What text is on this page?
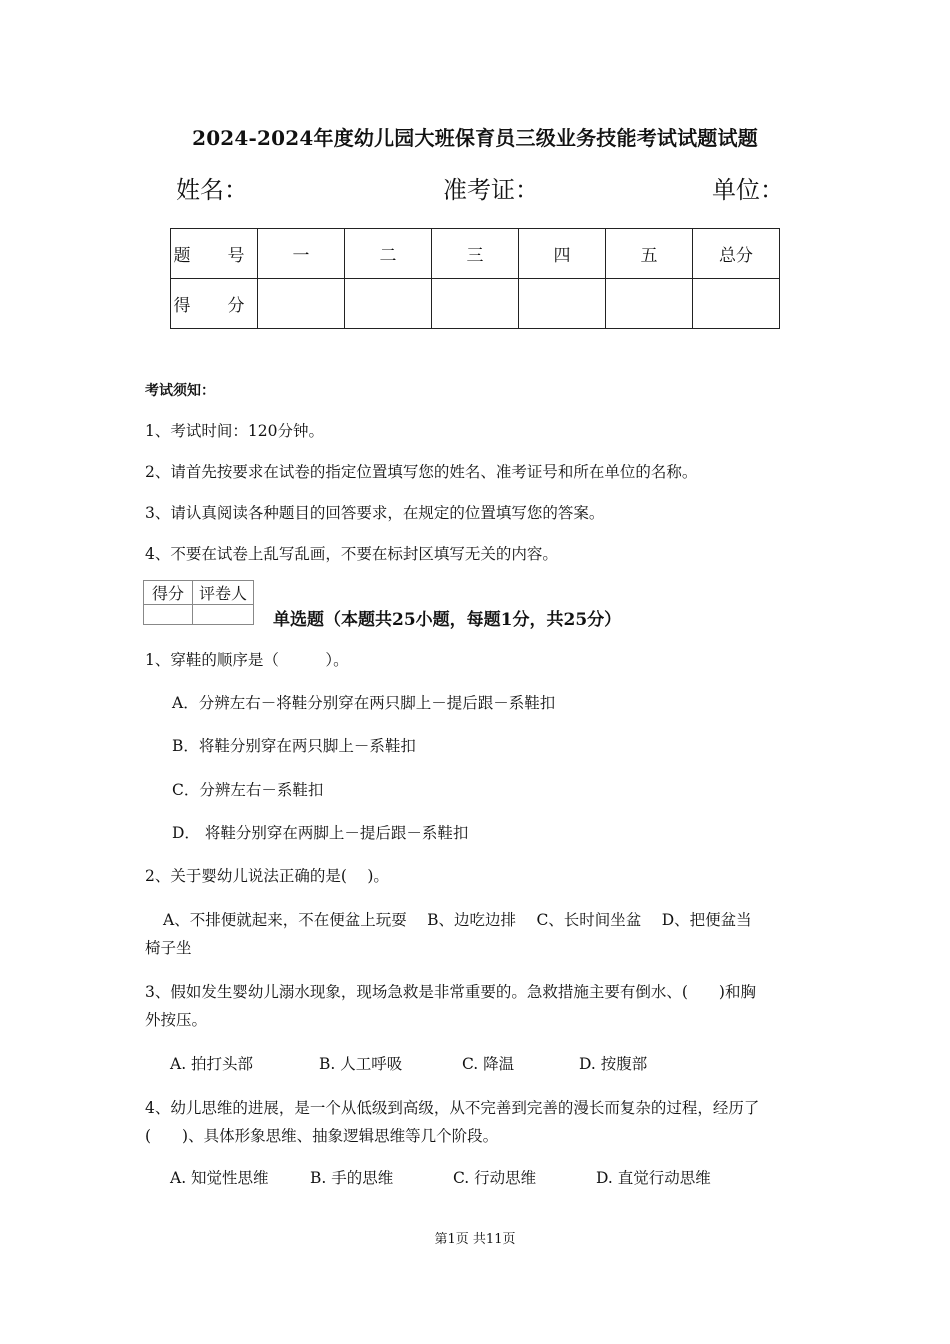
2024-2024年度幼儿园大班保育员三级业务技能考试试题试题
姓名：	准考证：	单位：
题　号	一	二	三	四	五	总分
得　分						
考试须知：
1、考试时间：120分钟。
2、请首先按要求在试卷的指定位置填写您的姓名、准考证号和所在单位的名称。
3、请认真阅读各种题目的回答要求，在规定的位置填写您的答案。
4、不要在试卷上乱写乱画，不要在标封区填写无关的内容。
得分	评卷人

单选题（本题共25小题，每题1分，共25分）
1、穿鞋的顺序是（　　　）。
A．分辨左右－将鞋分别穿在两只脚上－提后跟－系鞋扣
B．将鞋分别穿在两只脚上－系鞋扣
C．分辨左右－系鞋扣
D． 将鞋分别穿在两脚上－提后跟－系鞋扣
2、关于婴幼儿说法正确的是(　 )。
A、不排便就起来，不在便盆上玩耍　 B、边吃边排　 C、长时间坐盆　 D、把便盆当
椅子坐
3、假如发生婴幼儿溺水现象，现场急救是非常重要的。急救措施主要有倒水、(　　)和胸
外按压。
A. 拍打头部	B. 人工呼吸	C. 降温	D. 按腹部
4、幼儿思维的进展，是一个从低级到高级，从不完善到完善的漫长而复杂的过程，经历了
(　　)、具体形象思维、抽象逻辑思维等几个阶段。
A. 知觉性思维	B. 手的思维	C. 行动思维	D. 直觉行动思维
第1页 共11页
